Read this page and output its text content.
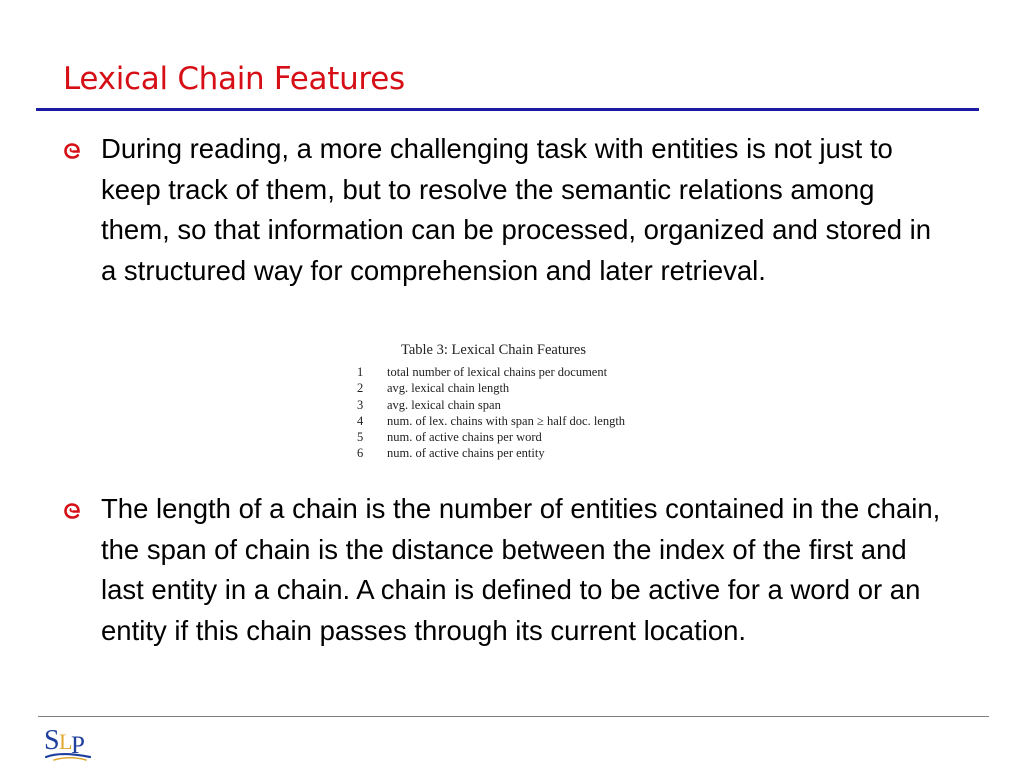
Lexical Chain Features

During reading, a more challenging task with entities is not just to keep track of them, but to resolve the semantic relations among them, so that information can be processed, organized and stored in a structured way for comprehension and later retrieval.

Table 3: Lexical Chain Features
1	total number of lexical chains per document
2	avg. lexical chain length
3	avg. lexical chain span
4	num. of lex. chains with span ≥ half doc. length
5	num. of active chains per word
6	num. of active chains per entity

The length of a chain is the number of entities contained in the chain, the span of chain is the distance between the index of the first and last entity in a chain. A chain is defined to be active for a word or an entity if this chain passes through its current location.

S L
P
